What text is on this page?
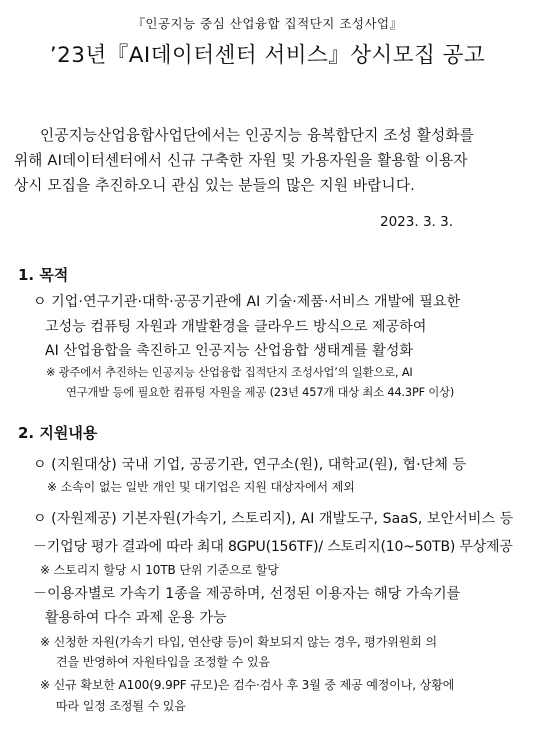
『인공지능 중심 산업융합 집적단지 조성사업』
’23년『AI데이터센터 서비스』상시모집 공고
인공지능산업융합사업단에서는 인공지능 융복합단지 조성 활성화를
위해 AI데이터센터에서 신규 구축한 자원 및 가용자원을 활용할 이용자
상시 모집을 추진하오니 관심 있는 분들의 많은 지원 바랍니다.
2023. 3. 3.
1. 목적
ㅇ 기업·연구기관·대학·공공기관에 AI 기술·제품·서비스 개발에 필요한
고성능 컴퓨팅 자원과 개발환경을 클라우드 방식으로 제공하여
AI 산업융합을 촉진하고 인공지능 산업융합 생태계를 활성화
※ 광주에서 추진하는 인공지능 산업융합 집적단지 조성사업’의 일환으로, AI
연구개발 등에 필요한 컴퓨팅 자원을 제공 (23년 457개 대상 최소 44.3PF 이상)
2. 지원내용
ㅇ (지원대상) 국내 기업, 공공기관, 연구소(원), 대학교(원), 협·단체 등
※ 소속이 없는 일반 개인 및 대기업은 지원 대상자에서 제외
ㅇ (자원제공) 기본자원(가속기, 스토리지), AI 개발도구, SaaS, 보안서비스 등
－기업당 평가 결과에 따라 최대 8GPU(156TF)/ 스토리지(10~50TB) 무상제공
※ 스토리지 할당 시 10TB 단위 기준으로 할당
－이용자별로 가속기 1종을 제공하며, 선정된 이용자는 해당 가속기를
활용하여 다수 과제 운용 가능
※ 신청한 자원(가속기 타입, 연산량 등)이 확보되지 않는 경우, 평가위원회 의
견을 반영하여 자원타입을 조정할 수 있음
※ 신규 확보한 A100(9.9PF 규모)은 검수·검사 후 3월 중 제공 예정이나, 상황에
따라 일정 조정될 수 있음
